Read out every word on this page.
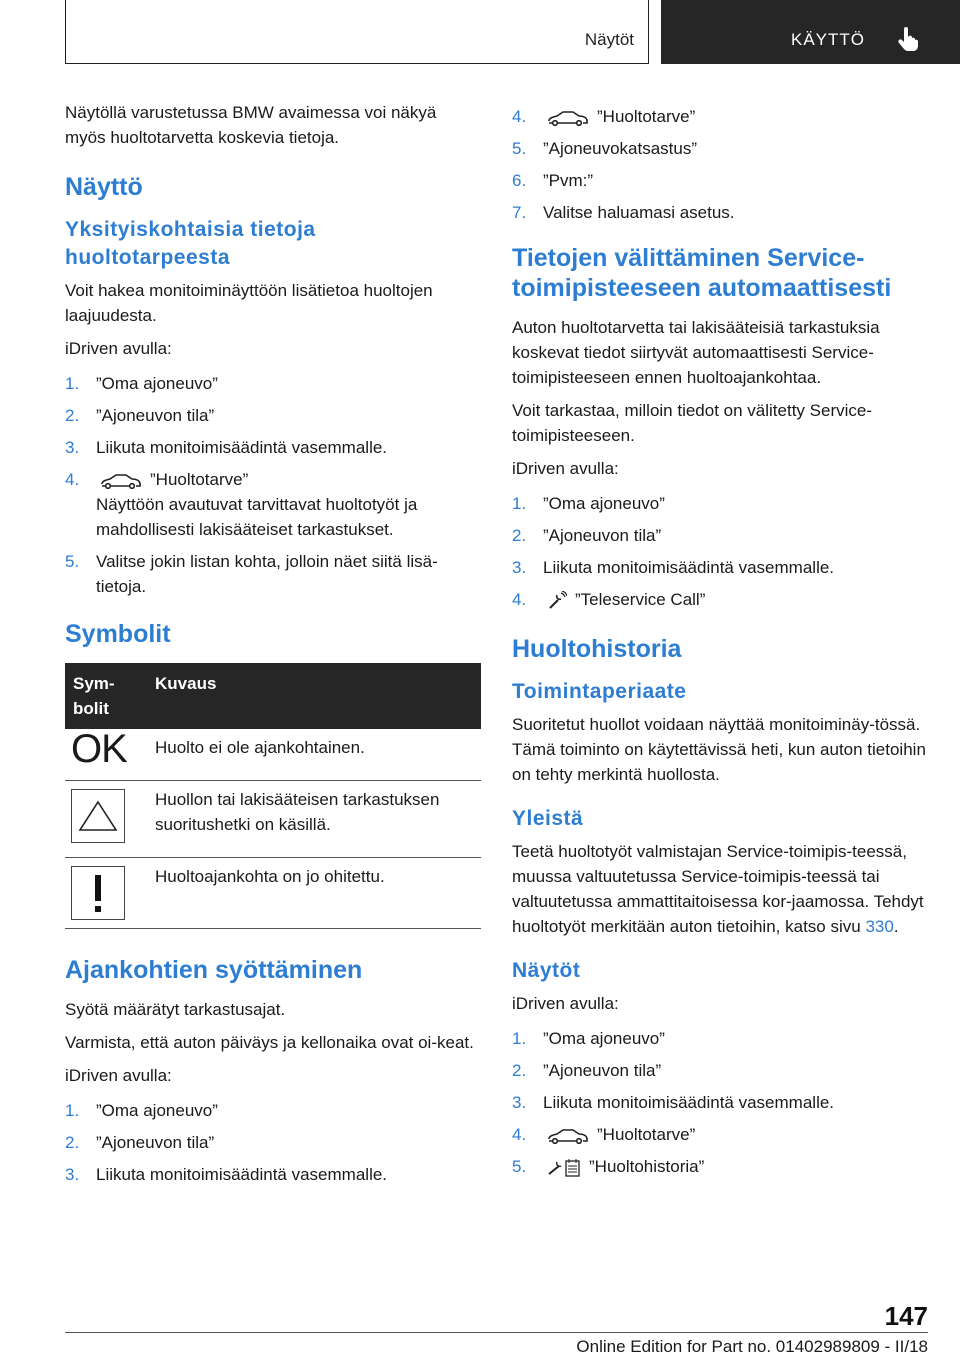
Näytöt	KÄYTTÖ

Näytöllä varustetussa BMW avaimessa voi näkyä myös huoltotarvetta koskevia tietoja.

Näyttö
Yksityiskohtaisia tietoja huoltotarpeesta

Voit hakea monitoiminäyttöön lisätietoa huoltojen laajuudesta.

iDriven avulla:

1. ”Oma ajoneuvo”
2. ”Ajoneuvon tila”
3. Liikuta monitoimisäädintä vasemmalle.
4.	”Huoltotarve”
Näyttöön avautuvat tarvittavat huoltotyöt ja mahdollisesti lakisääteiset tarkastukset.
5. Valitse jokin listan kohta, jolloin näet siitä lisä-tietoja.
Symbolit
Sym-bolit	Kuvaus
OK	Huolto ei ole ajankohtainen.

	Huollon tai lakisääteisen tarkastuksen suoritushetki on käsillä.

	Huoltoajankohta on jo ohitettu.
Ajankohtien syöttäminen

Syötä määrätyt tarkastusajat.

Varmista, että auton päiväys ja kellonaika ovat oi-keat.

iDriven avulla:

1. ”Oma ajoneuvo”
2. ”Ajoneuvon tila”
3. Liikuta monitoimisäädintä vasemmalle.
4.	”Huoltotarve”
5. ”Ajoneuvokatsastus”
6. ”Pvm:”
7. Valitse haluamasi asetus.
Tietojen välittäminen Service-toimipisteeseen automaattisesti

Auton huoltotarvetta tai lakisääteisiä tarkastuksia koskevat tiedot siirtyvät automaattisesti Service-toimipisteeseen ennen huoltoajankohtaa.

Voit tarkastaa, milloin tiedot on välitetty Service-toimipisteeseen.

iDriven avulla:

1. ”Oma ajoneuvo”
2. ”Ajoneuvon tila”
3. Liikuta monitoimisäädintä vasemmalle.
4.	”Teleservice Call”
Huoltohistoria
Toimintaperiaate

Suoritetut huollot voidaan näyttää monitoiminäy-tössä. Tämä toiminto on käytettävissä heti, kun auton tietoihin on tehty merkintä huollosta.

Yleistä

Teetä huoltotyöt valmistajan Service-toimipis-teessä, muussa valtuutetussa Service-toimipis-teessä tai valtuutetussa ammattitaitoisessa kor-jaamossa. Tehdyt huoltotyöt merkitään auton tietoihin, katso sivu 330.

Näytöt

iDriven avulla:

1. ”Oma ajoneuvo”
2. ”Ajoneuvon tila”
3. Liikuta monitoimisäädintä vasemmalle.
4.	”Huoltotarve”
5.	”Huoltohistoria”
147
Online Edition for Part no. 01402989809 - II/18
